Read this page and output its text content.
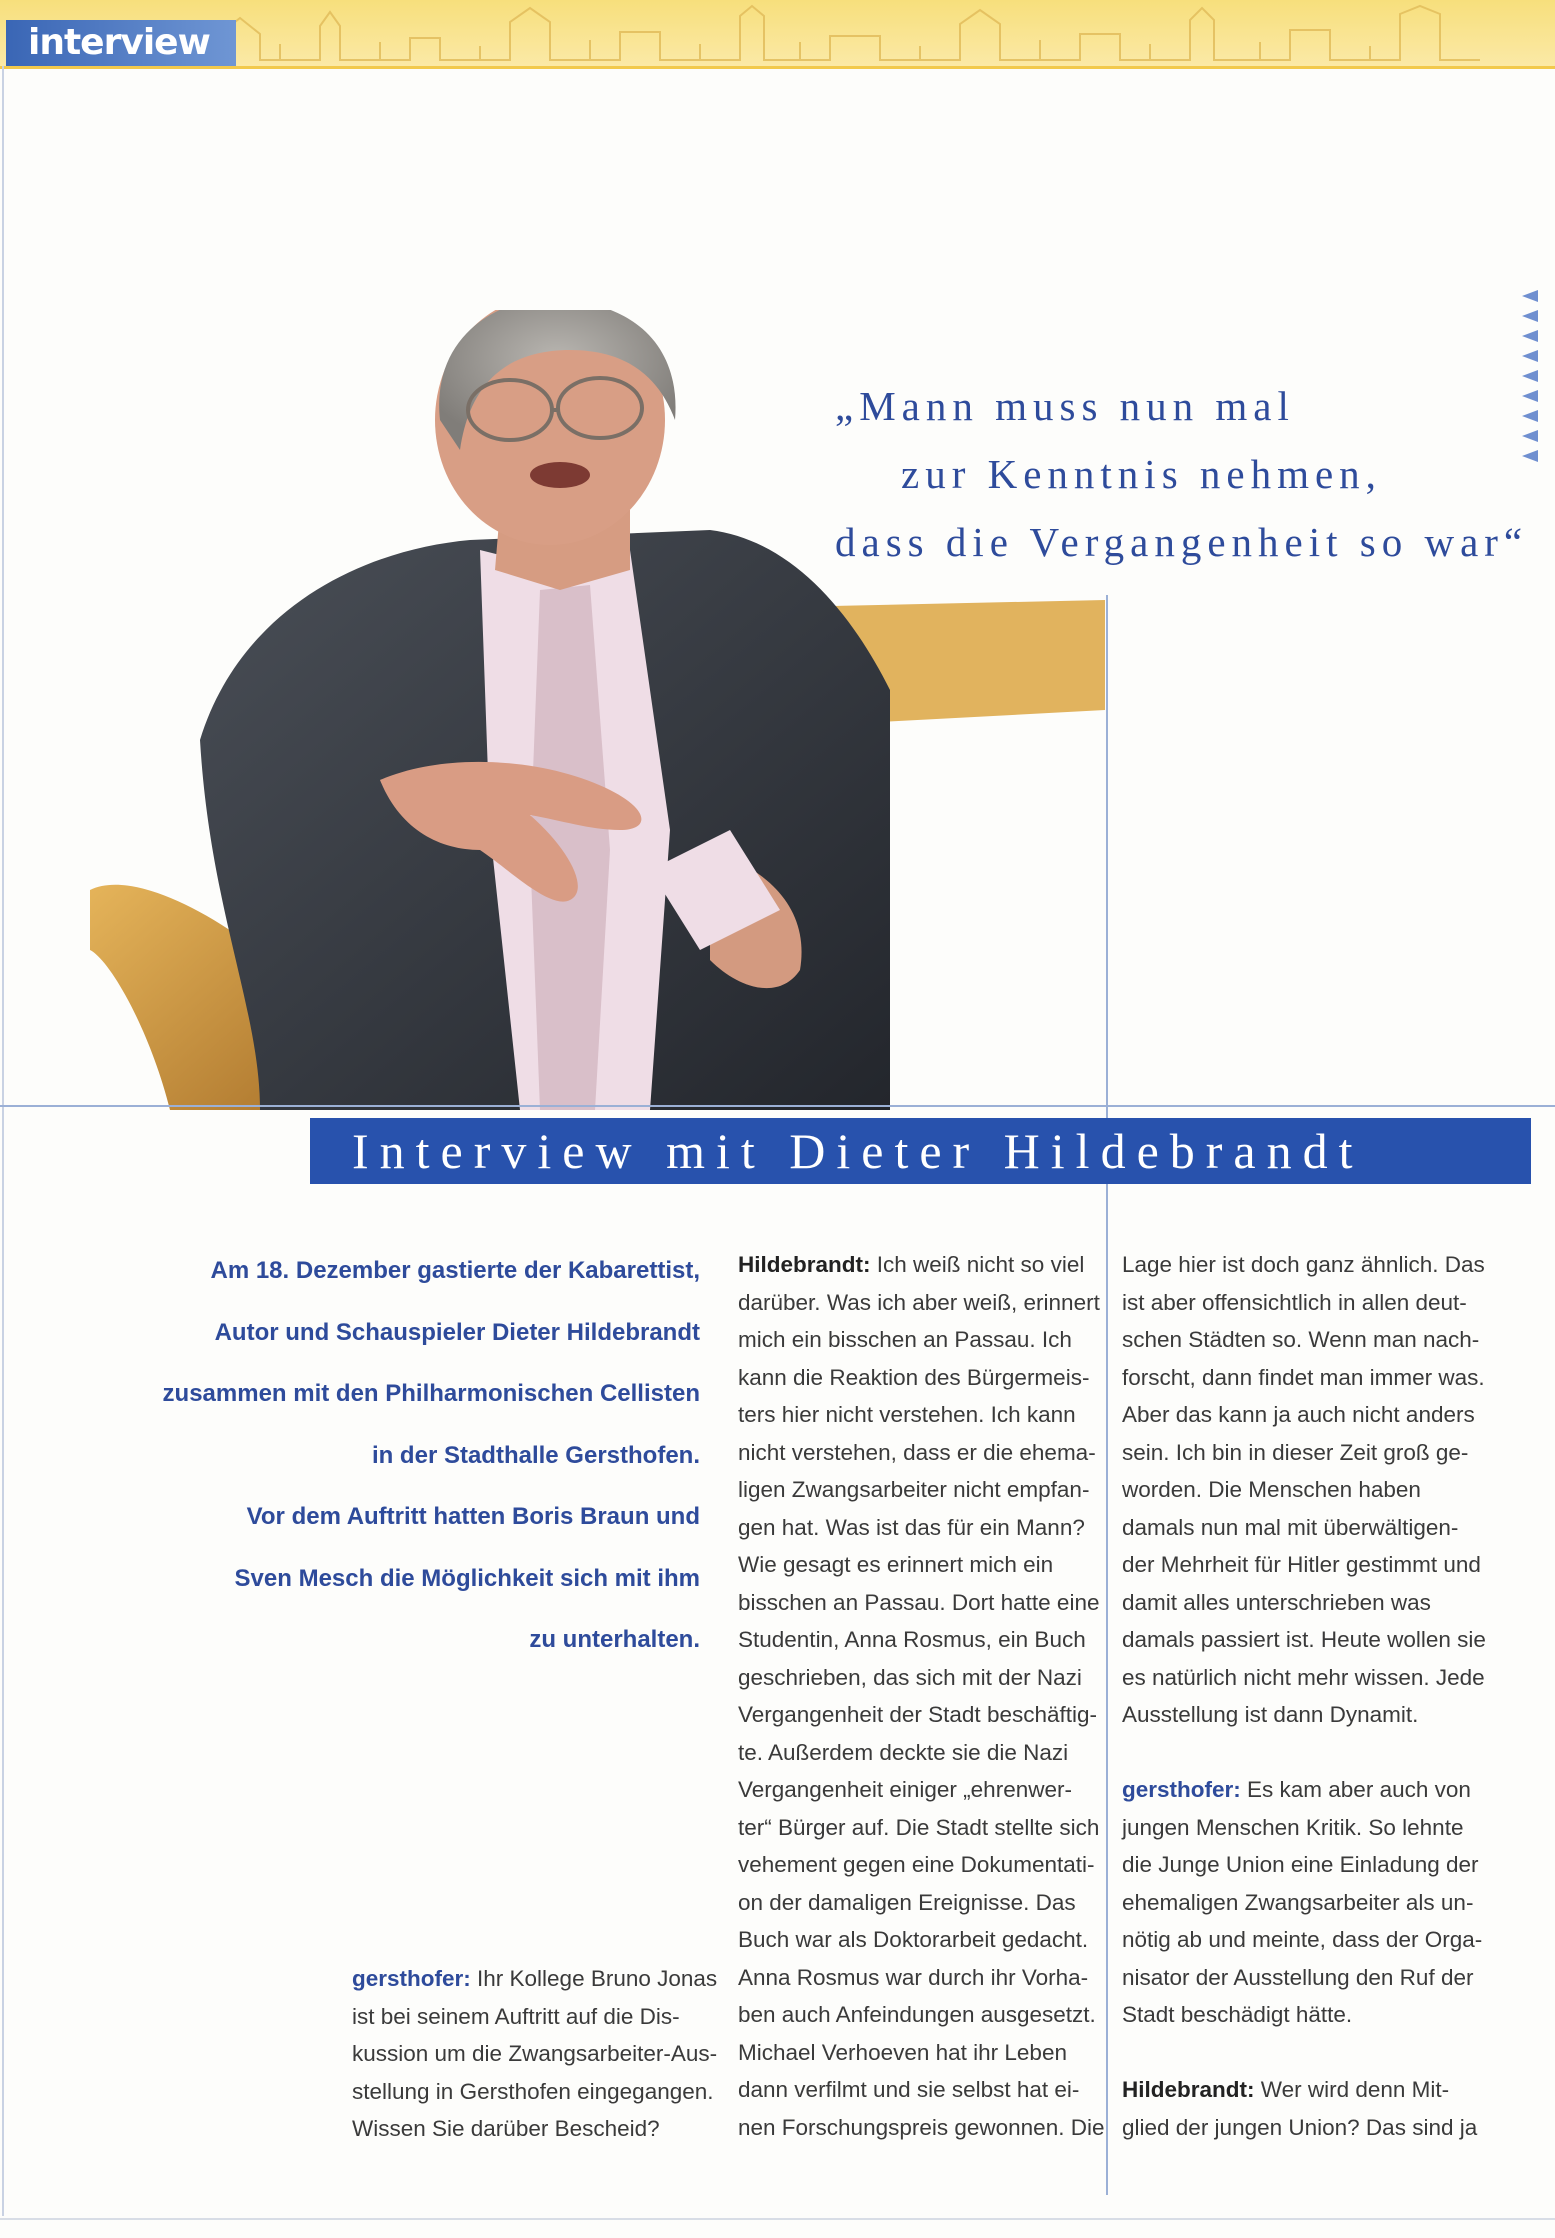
interview
„Mann muss nun mal
zur Kenntnis nehmen,
dass die Vergangenheit so war“
Interview mit Dieter Hildebrandt
Am 18. Dezember gastierte der Kabarettist,
Autor und Schauspieler Dieter Hildebrandt
zusammen mit den Philharmonischen Cellisten
in der Stadthalle Gersthofen.
Vor dem Auftritt hatten Boris Braun und
Sven Mesch die Möglichkeit sich mit ihm
zu unterhalten.
gersthofer: Ihr Kollege Bruno Jonas
ist bei seinem Auftritt auf die Dis-
kussion um die Zwangsarbeiter-Aus-
stellung in Gersthofen eingegangen.
Wissen Sie darüber Bescheid?
Hildebrandt: Ich weiß nicht so viel
darüber. Was ich aber weiß, erinnert
mich ein bisschen an Passau. Ich
kann die Reaktion des Bürgermeis-
ters hier nicht verstehen. Ich kann
nicht verstehen, dass er die ehema-
ligen Zwangsarbeiter nicht empfan-
gen hat. Was ist das für ein Mann?
Wie gesagt es erinnert mich ein
bisschen an Passau. Dort hatte eine
Studentin, Anna Rosmus, ein Buch
geschrieben, das sich mit der Nazi
Vergangenheit der Stadt beschäftig-
te. Außerdem deckte sie die Nazi
Vergangenheit einiger „ehrenwer-
ter“ Bürger auf. Die Stadt stellte sich
vehement gegen eine Dokumentati-
on der damaligen Ereignisse. Das
Buch war als Doktorarbeit gedacht.
Anna Rosmus war durch ihr Vorha-
ben auch Anfeindungen ausgesetzt.
Michael Verhoeven hat ihr Leben
dann verfilmt und sie selbst hat ei-
nen Forschungspreis gewonnen. Die
Lage hier ist doch ganz ähnlich. Das
ist aber offensichtlich in allen deut-
schen Städten so. Wenn man nach-
forscht, dann findet man immer was.
Aber das kann ja auch nicht anders
sein. Ich bin in dieser Zeit groß ge-
worden. Die Menschen haben
damals nun mal mit überwältigen-
der Mehrheit für Hitler gestimmt und
damit alles unterschrieben was
damals passiert ist. Heute wollen sie
es natürlich nicht mehr wissen. Jede
Ausstellung ist dann Dynamit.
gersthofer: Es kam aber auch von
jungen Menschen Kritik. So lehnte
die Junge Union eine Einladung der
ehemaligen Zwangsarbeiter als un-
nötig ab und meinte, dass der Orga-
nisator der Ausstellung den Ruf der
Stadt beschädigt hätte.
Hildebrandt: Wer wird denn Mit-
glied der jungen Union? Das sind ja
